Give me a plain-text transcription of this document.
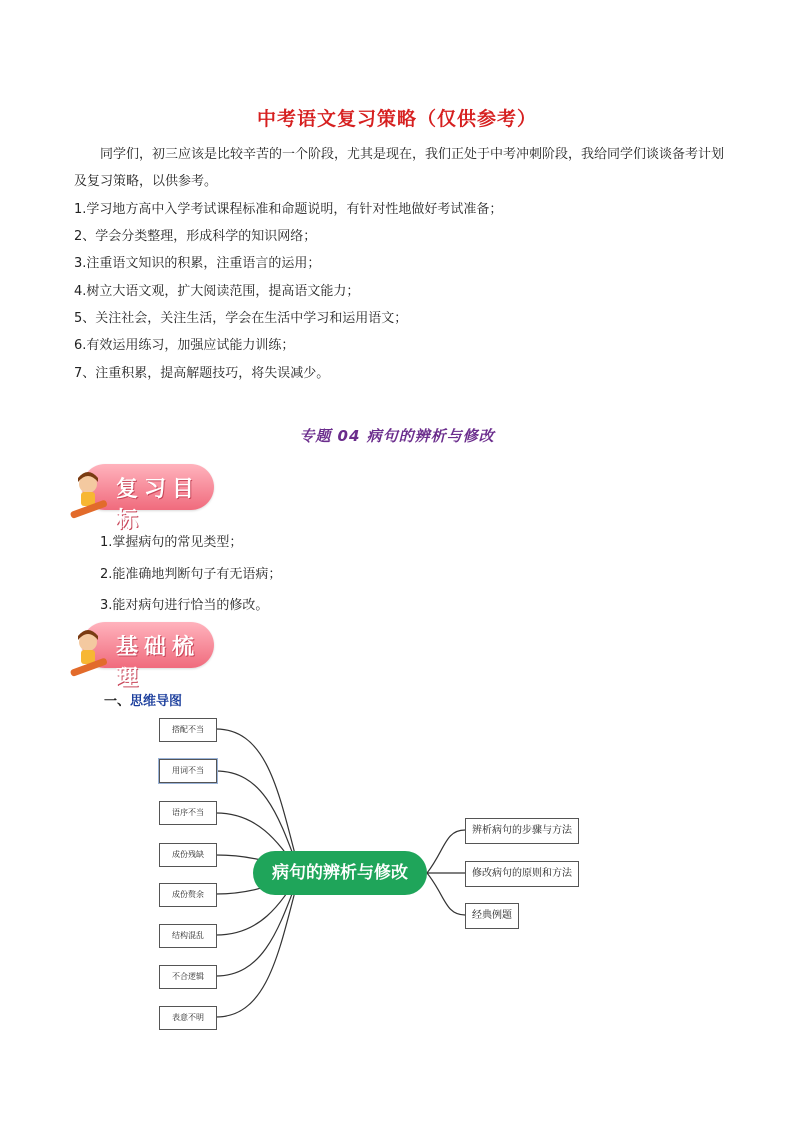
中考语文复习策略（仅供参考）
同学们，初三应该是比较辛苦的一个阶段，尤其是现在，我们正处于中考冲刺阶段，我给同学们谈谈备考计划及复习策略，以供参考。
1.学习地方高中入学考试课程标准和命题说明，有针对性地做好考试准备；
2、学会分类整理，形成科学的知识网络；
3.注重语文知识的积累，注重语言的运用；
4.树立大语文观，扩大阅读范围，提高语文能力；
5、关注社会，关注生活，学会在生活中学习和运用语文；
6.有效运用练习，加强应试能力训练；
7、注重积累，提高解题技巧，将失误减少。
专题 04 病句的辨析与修改
复习目标
1.掌握病句的常见类型；
2.能准确地判断句子有无语病；
3.能对病句进行恰当的修改。
基础梳理
一、思维导图
搭配不当
用词不当
语序不当
成份残缺
成份赘余
结构混乱
不合逻辑
表意不明
病句的辨析与修改
辨析病句的步骤与方法
修改病句的原则和方法
经典例题
